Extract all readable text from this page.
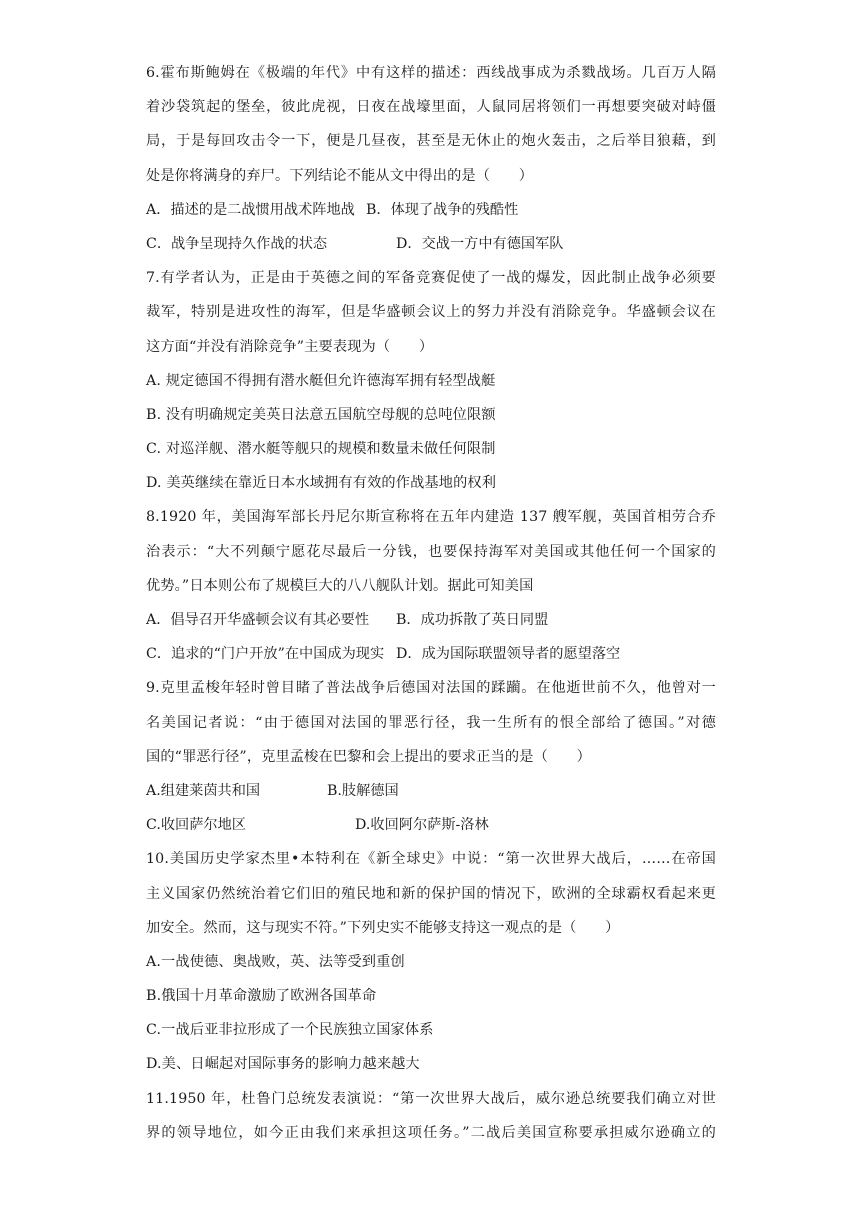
6.霍布斯鲍姆在《极端的年代》中有这样的描述：西线战事成为杀戮战场。几百万人隔
着沙袋筑起的堡垒，彼此虎视，日夜在战壕里面，人鼠同居将领们一再想要突破对峙僵
局，于是每回攻击令一下，便是几昼夜，甚至是无休止的炮火轰击，之后举目狼藉，到
处是你将满身的弃尸。下列结论不能从文中得出的是（　　）
A．描述的是二战惯用战术阵地战 B．体现了战争的残酷性
C．战争呈现持久作战的状态	D．交战一方中有德国军队
7.有学者认为，正是由于英德之间的军备竞赛促使了一战的爆发，因此制止战争必须要
裁军，特别是进攻性的海军，但是华盛顿会议上的努力并没有消除竞争。华盛顿会议在
这方面“并没有消除竞争”主要表现为（　　）
A. 规定德国不得拥有潜水艇但允许德海军拥有轻型战艇
B. 没有明确规定美英日法意五国航空母舰的总吨位限额
C. 对巡洋舰、潜水艇等舰只的规模和数量未做任何限制
D. 美英继续在靠近日本水域拥有有效的作战基地的权利
8.1920 年，美国海军部长丹尼尔斯宣称将在五年内建造 137 艘军舰，英国首相劳合乔
治表示：“大不列颠宁愿花尽最后一分钱，也要保持海军对美国或其他任何一个国家的
优势。”日本则公布了规模巨大的八八舰队计划。据此可知美国
A．倡导召开华盛顿会议有其必要性	B．成功拆散了英日同盟
C．追求的“门户开放”在中国成为现实 D．成为国际联盟领导者的愿望落空
9.克里孟梭年轻时曾目睹了普法战争后德国对法国的蹂躏。在他逝世前不久，他曾对一
名美国记者说：“由于德国对法国的罪恶行径，我一生所有的恨全部给了德国。”对德
国的“罪恶行径”，克里孟梭在巴黎和会上提出的要求正当的是（　　）
A.组建莱茵共和国	B.肢解德国
C.收回萨尔地区	D.收回阿尔萨斯-洛林
10.美国历史学家杰里•本特利在《新全球史》中说：“第一次世界大战后，……在帝国
主义国家仍然统治着它们旧的殖民地和新的保护国的情况下，欧洲的全球霸权看起来更
加安全。然而，这与现实不符。”下列史实不能够支持这一观点的是（　　）
A.一战使德、奥战败，英、法等受到重创
B.俄国十月革命激励了欧洲各国革命
C.一战后亚非拉形成了一个民族独立国家体系
D.美、日崛起对国际事务的影响力越来越大
11.1950 年，杜鲁门总统发表演说：“第一次世界大战后，威尔逊总统要我们确立对世
界的领导地位，如今正由我们来承担这项任务。”二战后美国宣称要承担威尔逊确立的
